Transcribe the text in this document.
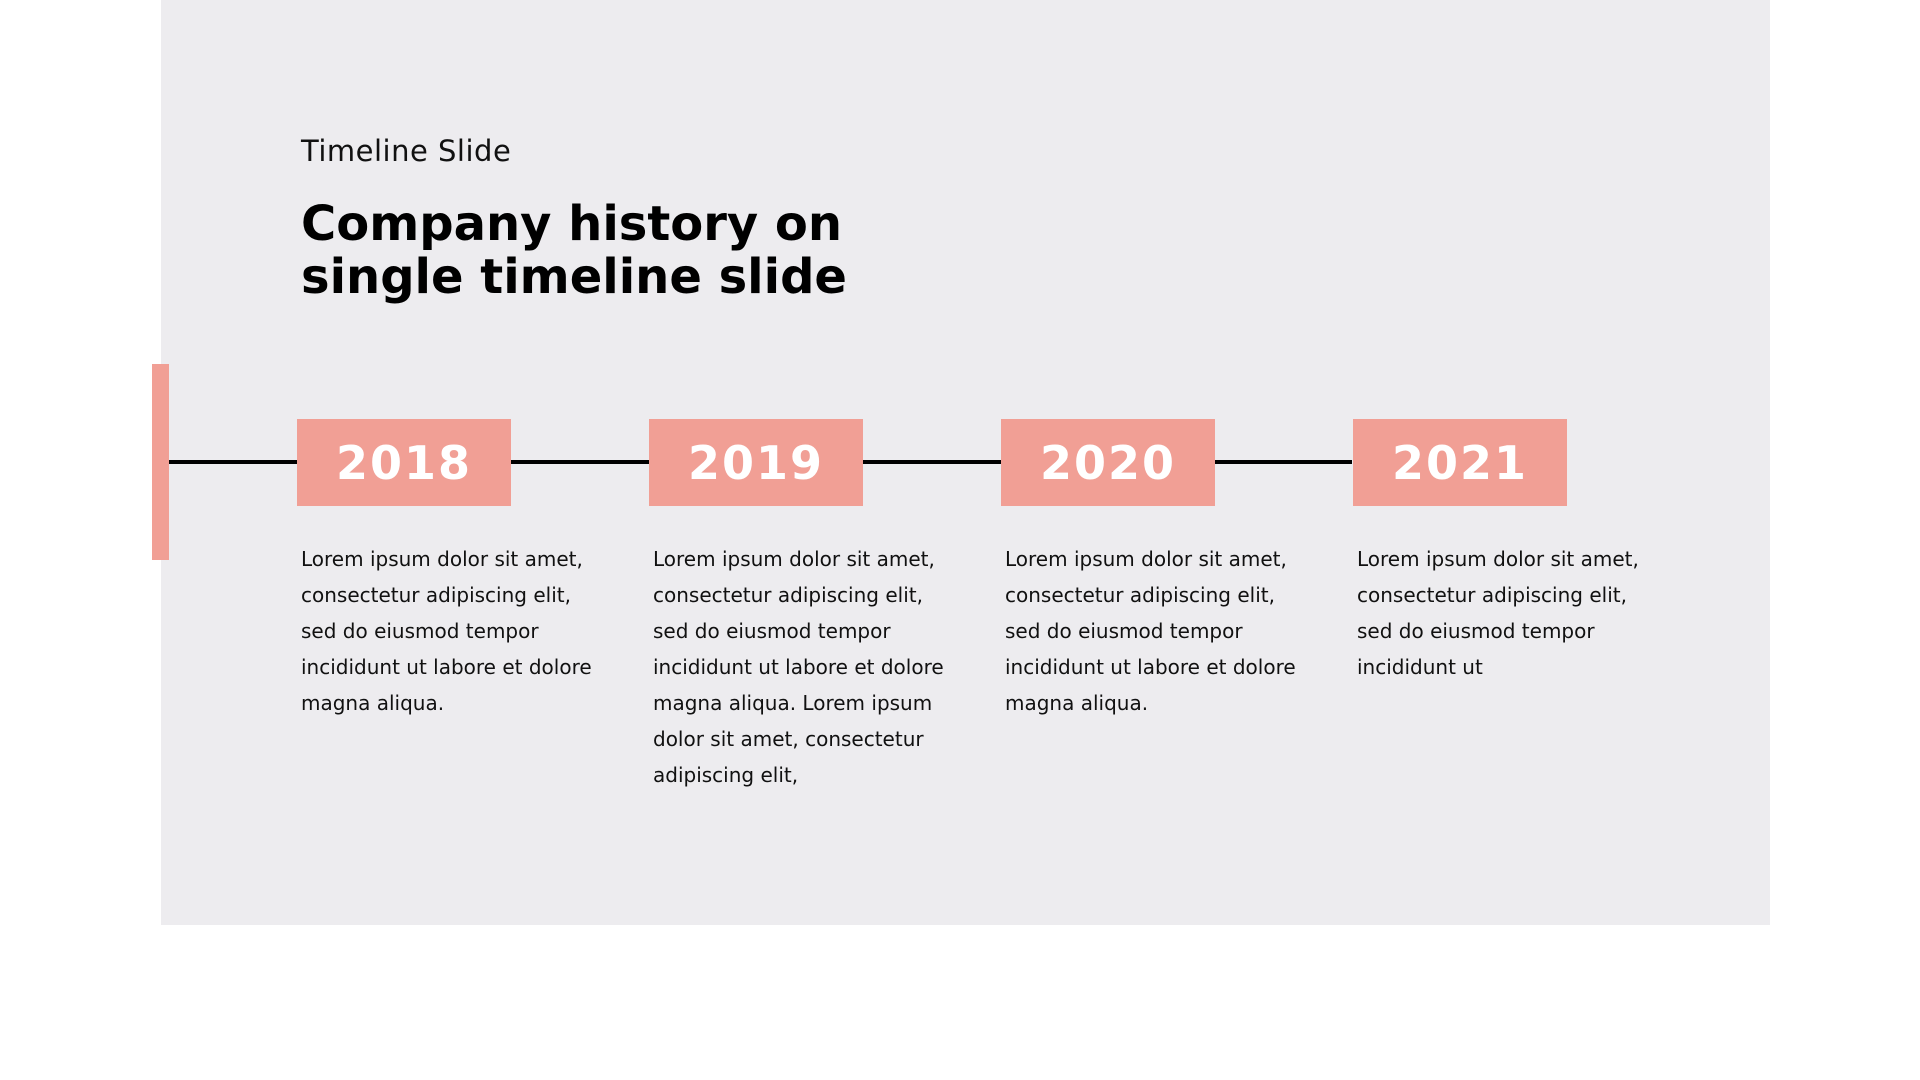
Timeline Slide
Company history on
single timeline slide
2018	2019	2020	2021
Lorem ipsum dolor sit amet,
consectetur adipiscing elit,
sed do eiusmod tempor
incididunt ut labore et dolore
magna aliqua.
Lorem ipsum dolor sit amet,
consectetur adipiscing elit,
sed do eiusmod tempor
incididunt ut labore et dolore
magna aliqua. Lorem ipsum
dolor sit amet, consectetur
adipiscing elit,
Lorem ipsum dolor sit amet,
consectetur adipiscing elit,
sed do eiusmod tempor
incididunt ut labore et dolore
magna aliqua.
Lorem ipsum dolor sit amet,
consectetur adipiscing elit,
sed do eiusmod tempor
incididunt ut
